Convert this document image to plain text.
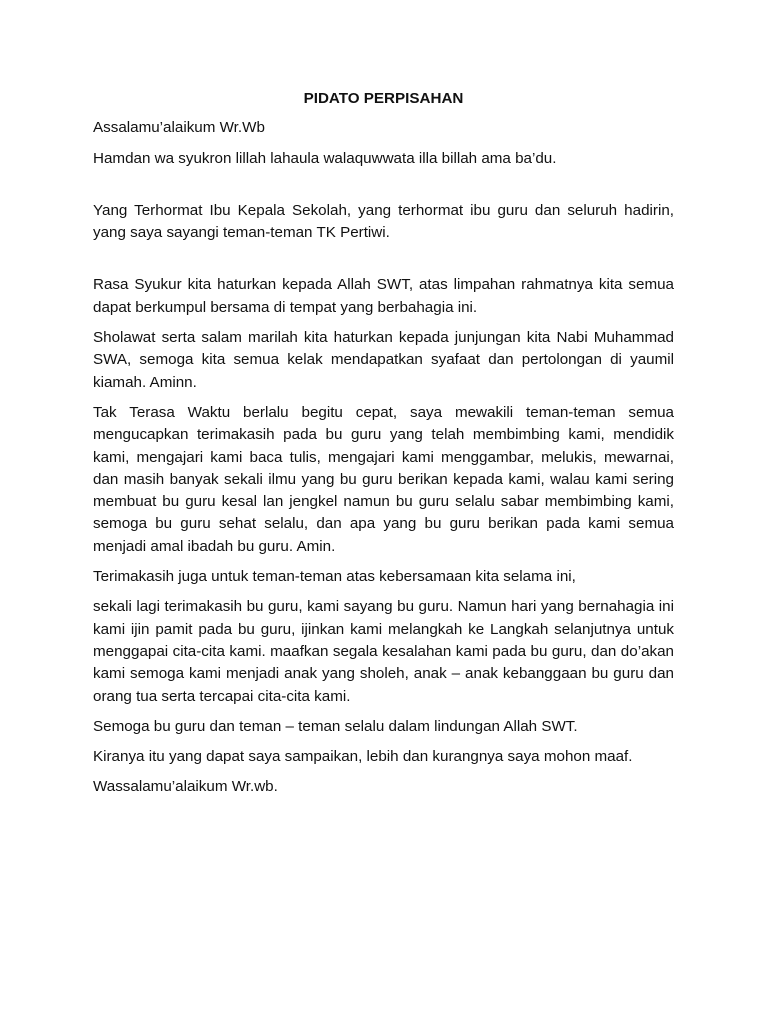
PIDATO PERPISAHAN

Assalamu’alaikum Wr.Wb

Hamdan wa syukron lillah lahaula walaquwwata illa billah ama ba’du.

Yang Terhormat Ibu Kepala Sekolah, yang terhormat ibu guru dan seluruh hadirin, yang saya sayangi teman-teman TK Pertiwi.

Rasa Syukur kita haturkan kepada Allah SWT, atas limpahan rahmatnya kita semua dapat berkumpul bersama di tempat yang berbahagia ini.

Sholawat serta salam marilah kita haturkan kepada junjungan kita Nabi Muhammad SWA, semoga kita semua kelak mendapatkan syafaat dan pertolongan di yaumil kiamah. Aminn.

Tak Terasa Waktu berlalu begitu cepat, saya mewakili teman-teman semua mengucapkan terimakasih pada bu guru yang telah membimbing kami, mendidik kami, mengajari kami baca tulis, mengajari kami menggambar, melukis, mewarnai, dan masih banyak sekali ilmu yang bu guru berikan kepada kami, walau kami sering membuat bu guru kesal lan jengkel namun bu guru selalu sabar membimbing kami, semoga bu guru sehat selalu, dan apa yang bu guru berikan pada kami semua menjadi amal ibadah bu guru. Amin.

Terimakasih juga untuk teman-teman atas kebersamaan kita selama ini,

sekali lagi terimakasih bu guru, kami sayang bu guru. Namun hari yang bernahagia ini kami ijin pamit pada bu guru, ijinkan kami melangkah ke Langkah selanjutnya untuk menggapai cita-cita kami. maafkan segala kesalahan kami pada bu guru, dan do’akan kami semoga kami menjadi anak yang sholeh, anak – anak kebanggaan bu guru dan orang tua serta tercapai cita-cita kami.

Semoga bu guru dan teman – teman selalu dalam lindungan Allah SWT.

Kiranya itu yang dapat saya sampaikan, lebih dan kurangnya saya mohon maaf.

Wassalamu’alaikum Wr.wb.
